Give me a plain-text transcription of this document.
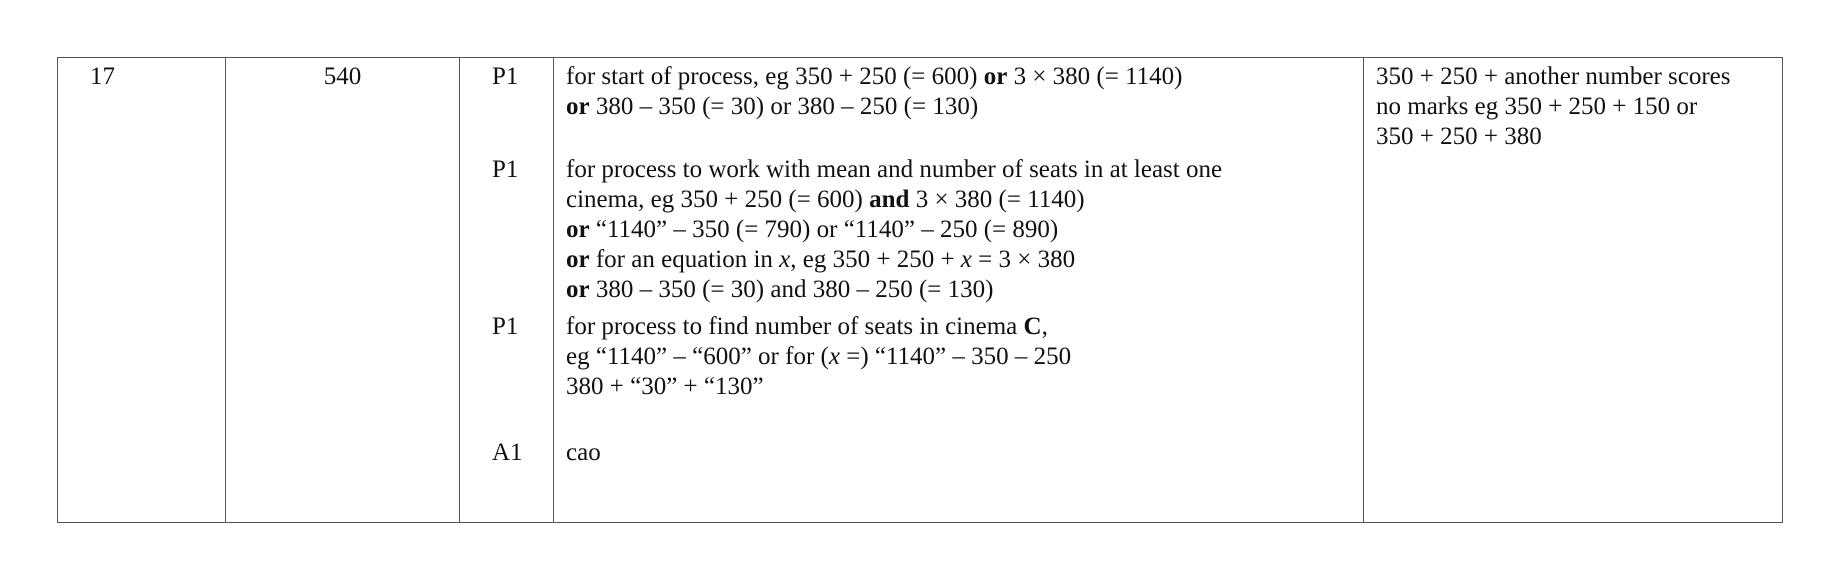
17	540	P1
P1
P1
A1
for start of process, eg 350 + 250 (= 600) or 3 × 380 (= 1140)
or 380 – 350 (= 30) or 380 – 250 (= 130)
for process to work with mean and number of seats in at least one
cinema, eg 350 + 250 (= 600) and 3 × 380 (= 1140)
or “1140” – 350 (= 790) or “1140” – 250 (= 890)
or for an equation in x, eg 350 + 250 + x = 3 × 380
or 380 – 350 (= 30) and 380 – 250 (= 130)
for process to find number of seats in cinema C,
eg “1140” – “600” or for (x =) “1140” – 350 – 250
380 + “30” + “130”
cao
350 + 250 + another number scores
no marks eg 350 + 250 + 150 or
350 + 250 + 380
